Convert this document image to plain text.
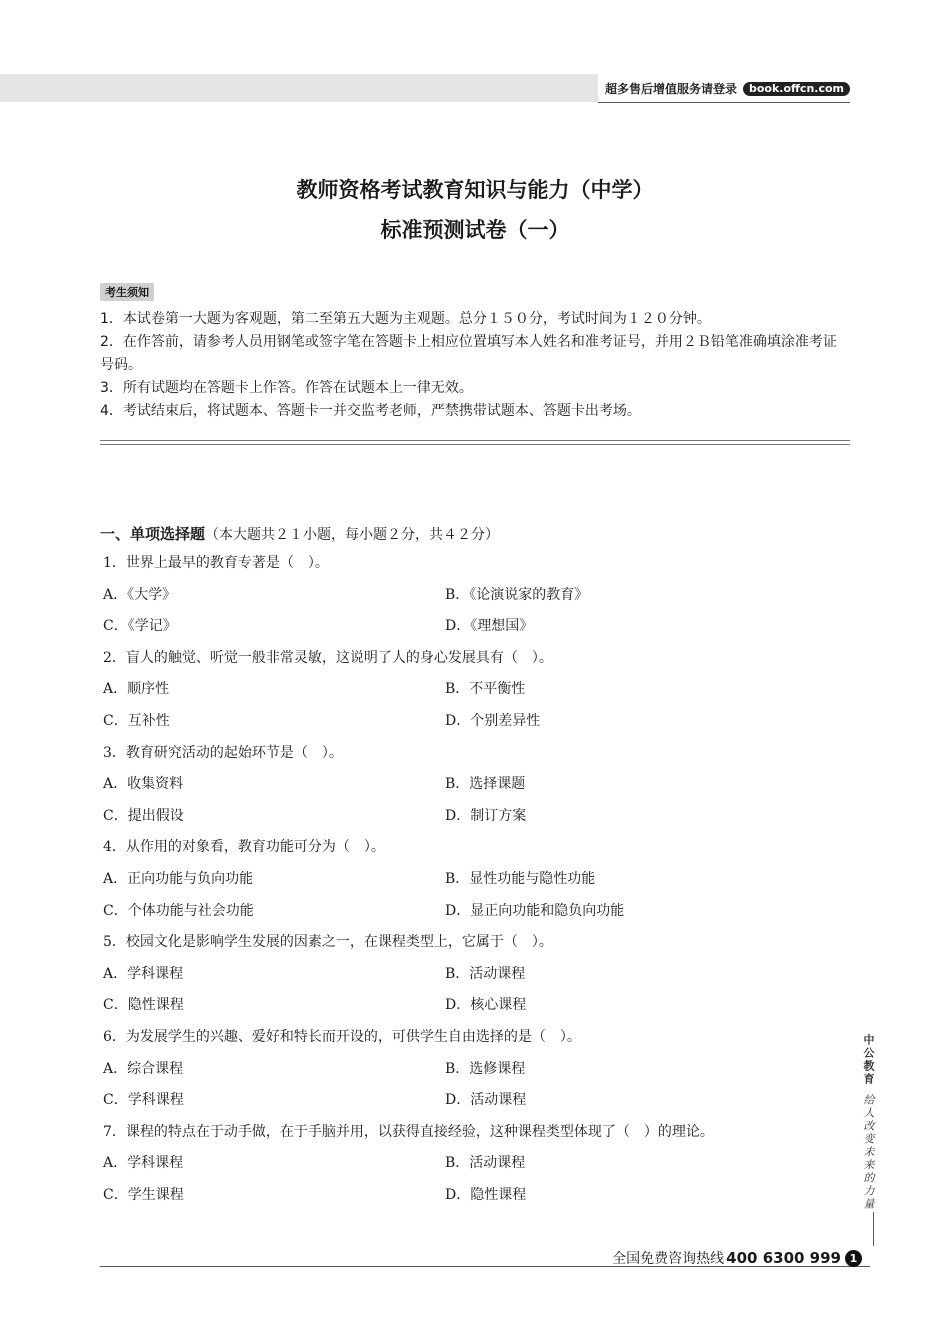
超多售后增值服务请登录	book.offcn.com
教师资格考试教育知识与能力（中学）
标准预测试卷（一）
考生须知

1．本试卷第一大题为客观题，第二至第五大题为主观题。总分１５０分，考试时间为１２０分钟。

2．在作答前，请参考人员用钢笔或签字笔在答题卡上相应位置填写本人姓名和准考证号，并用２Ｂ铅笔准确填涂准考证号码。

3．所有试题均在答题卡上作答。作答在试题本上一律无效。

4．考试结束后，将试题本、答题卡一并交监考老师，严禁携带试题本、答题卡出考场。

一、单项选择题（本大题共２１小题，每小题２分，共４２分）
1．世界上最早的教育专著是（　）。
A．《大学》	B．《论演说家的教育》
C．《学记》	D．《理想国》
2．盲人的触觉、听觉一般非常灵敏，这说明了人的身心发展具有（　）。
A．顺序性	B．不平衡性
C．互补性	D．个别差异性
3．教育研究活动的起始环节是（　）。
A．收集资料	B．选择课题
C．提出假设	D．制订方案
4．从作用的对象看，教育功能可分为（　）。
A．正向功能与负向功能	B．显性功能与隐性功能
C．个体功能与社会功能	D．显正向功能和隐负向功能
5．校园文化是影响学生发展的因素之一，在课程类型上，它属于（　）。
A．学科课程	B．活动课程
C．隐性课程	D．核心课程
6．为发展学生的兴趣、爱好和特长而开设的，可供学生自由选择的是（　）。
A．综合课程	B．选修课程
C．学科课程	D．活动课程
7．课程的特点在于动手做，在于手脑并用，以获得直接经验，这种课程类型体现了（　）的理论。
A．学科课程	B．活动课程
C．学生课程	D．隐性课程
中公教育
给人改变未来的力量
全国免费咨询热线 400 6300 999 1
